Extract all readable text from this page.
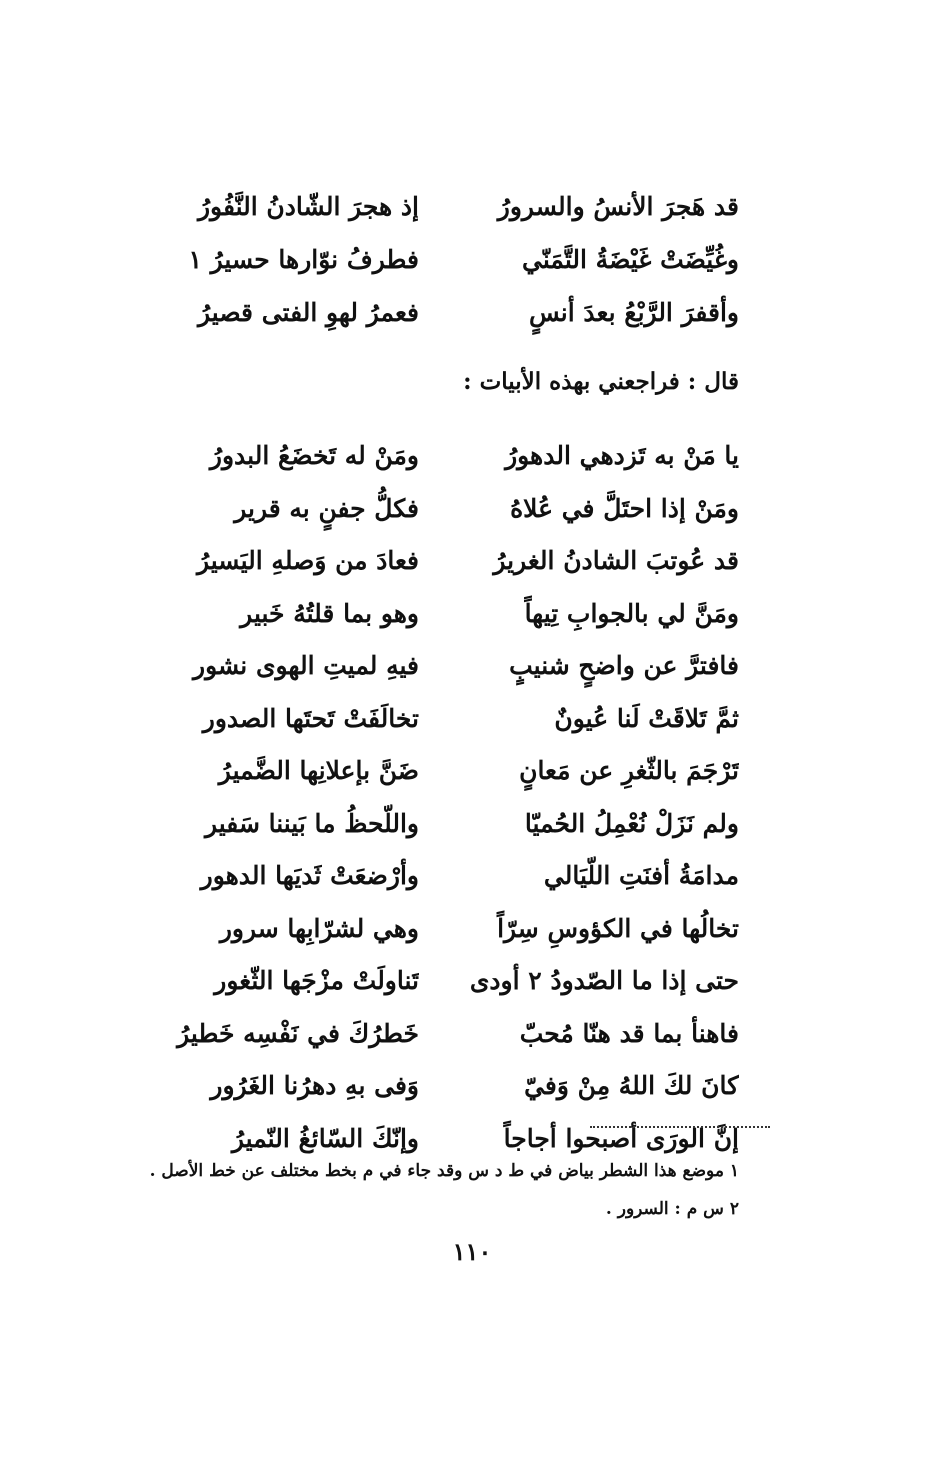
قد هَجرَ الأنسُ والسرورُ
إذ هجرَ الشّادنُ النَّفُورُ
وغُيِّضَتْ غَيْضَةُ التَّمَنّي
فطرفُ نوّارها حسيرُ ١
وأقفرَ الرَّبْعُ بعدَ أنسٍ
فعمرُ لهوِ الفتى قصيرُ
قال : فراجعني بهذه الأبيات :
يا مَنْ به تَزدهي الدهورُ
ومَنْ له تَخضَعُ البدورُ
ومَنْ إذا احتَلَّ في عُلاهُ
فكلُّ جفنٍ به قرير
قد عُوتبَ الشادنُ الغريرُ
فعادَ من وَصلهِ اليَسيرُ
ومَنَّ لي بالجوابِ تِيهاً
وهو بما قلتُهُ خَبير
فافترَّ عن واضحٍ شنيبٍ
فيهِ لميتِ الهوى نشور
ثمَّ تَلاقَتْ لَنا عُيونٌ
تخالَفَتْ تَحتَها الصدور
تَرْجَمَ بالثّغرِ عن مَعانٍ
ضَنَّ بإعلانِها الضَّميرُ
ولم نَزَلْ نُعْمِلُ الحُميّا
واللّحظُ ما بَيننا سَفير
مدامَةُ أفنَتِ اللّيَالي
وأرْضعَتْ ثَديَها الدهور
تخالُها في الكؤوسِ سِرّاً
وهي لشرّابِها سرور
حتى إذا ما الصّدودُ ٢ أودى
تَناولَتْ مزْجَها الثّغور
فاهنأ بما قد هنّا مُحبّ
خَطرُكَ في نَفْسِه خَطيرُ
كانَ لكَ اللهُ مِنْ وَفيّ
وَفى بهِ دهرُنا الغَرُور
إنَّ الورَى أصبحوا أجاجاً
وإنّكَ السّائغُ النّميرُ
١ موضع هذا الشطر بياض في ط د س وقد جاء في م بخط مختلف عن خط الأصل .
٢ س م : السرور .
١١٠
